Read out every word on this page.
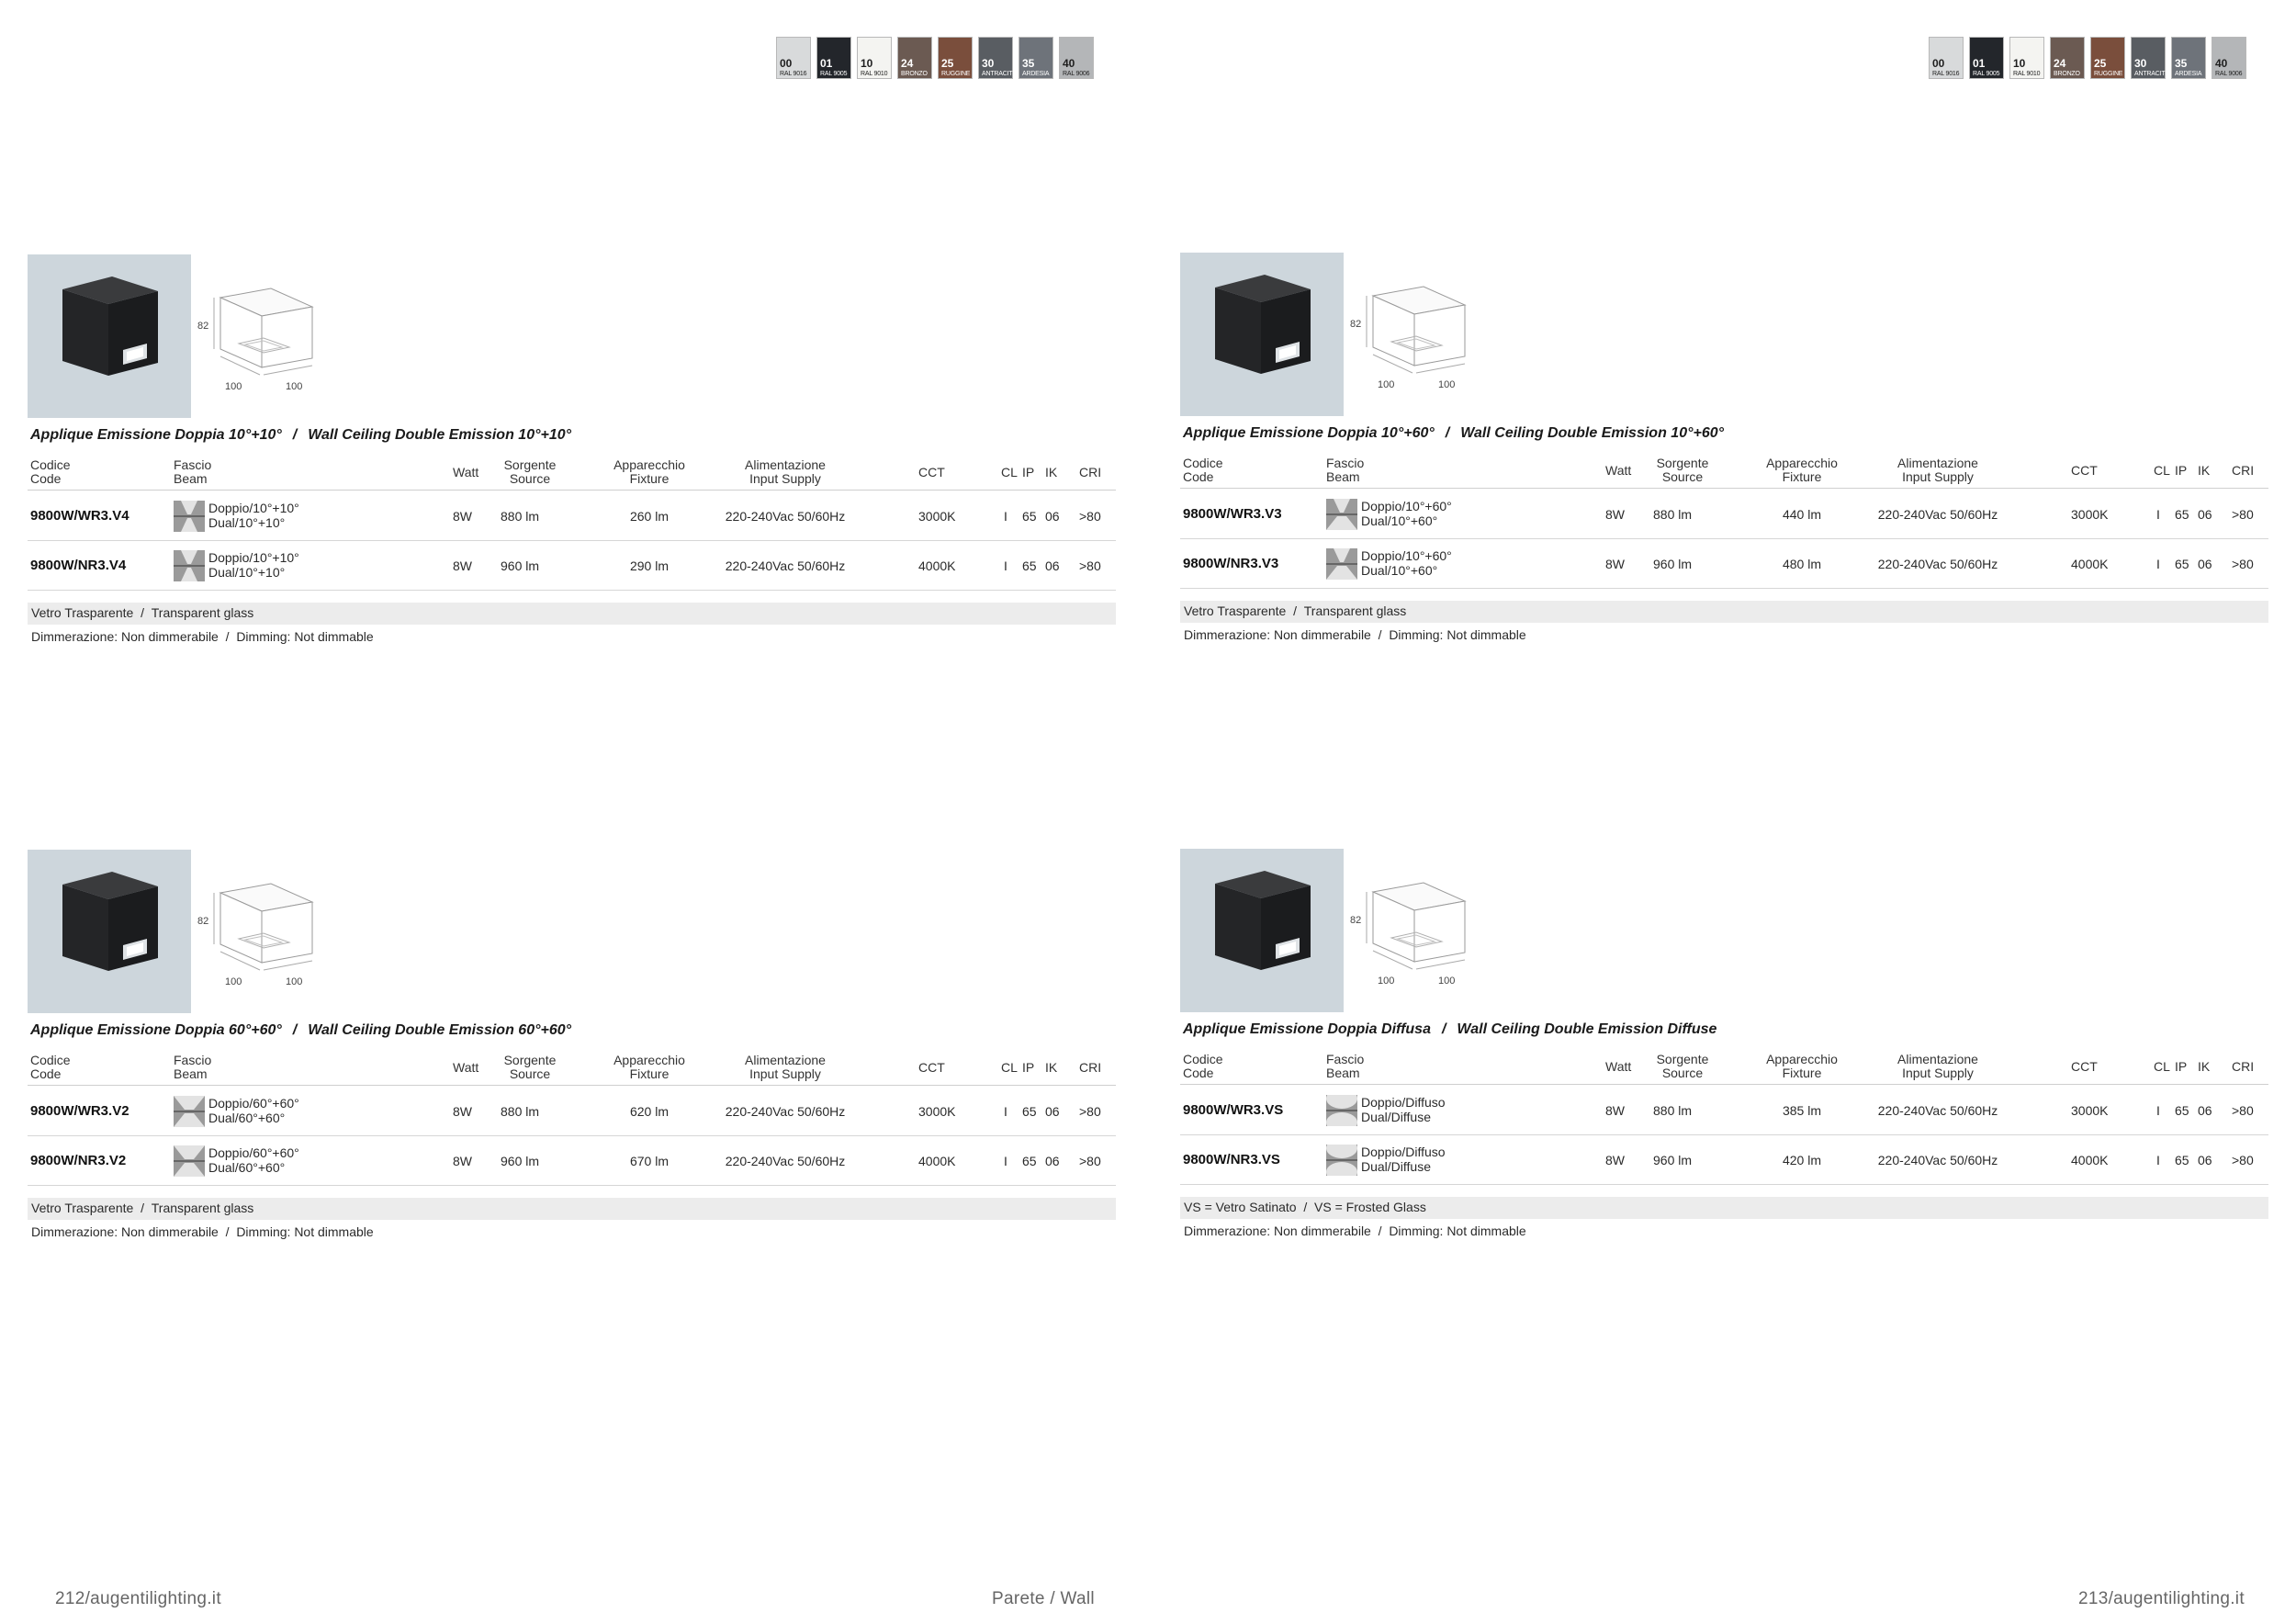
00
RAL 9016
01
RAL 9005
10
RAL 9010
24
BRONZO
25
RUGGINE
30
ANTRACITE
35
ARDESIA
40
RAL 9006
82
100	100
Applique Emissione Doppia 10°+10° / Wall Ceiling Double Emission 10°+10°
Codice
Code
Fascio
Beam	Watt	Sorgente
Source
Apparecchio
Fixture
Alimentazione
Input Supply	CCT	CL IP IK CRI
9800W/WR3.V4	Doppio/10°+10°
Dual/10°+10°	8W 880 lm	260 lm	220-240Vac 50/60Hz	3000K	I 65 06 >80
9800W/NR3.V4	Doppio/10°+10°
Dual/10°+10°	8W 960 lm	290 lm	220-240Vac 50/60Hz	4000K	I 65 06 >80
Vetro Trasparente  /  Transparent glass
Dimmerazione: Non dimmerabile  /  Dimming: Not dimmable
82
100	100
Applique Emissione Doppia 60°+60° / Wall Ceiling Double Emission 60°+60°
Codice
Code
Fascio
Beam	Watt	Sorgente
Source
Apparecchio
Fixture
Alimentazione
Input Supply	CCT	CL IP IK CRI
9800W/WR3.V2	Doppio/60°+60°
Dual/60°+60°	8W 880 lm	620 lm	220-240Vac 50/60Hz	3000K	I 65 06 >80
9800W/NR3.V2	Doppio/60°+60°
Dual/60°+60°	8W 960 lm	670 lm	220-240Vac 50/60Hz	4000K	I 65 06 >80
Vetro Trasparente  /  Transparent glass
Dimmerazione: Non dimmerabile  /  Dimming: Not dimmable
212/augentilighting.it	Parete / Wall
00
RAL 9016
01
RAL 9005
10
RAL 9010
24
BRONZO
25
RUGGINE
30
ANTRACITE
35
ARDESIA
40
RAL 9006
82
100	100
Applique Emissione Doppia 10°+60° / Wall Ceiling Double Emission 10°+60°
Codice
Code
Fascio
Beam	Watt	Sorgente
Source
Apparecchio
Fixture
Alimentazione
Input Supply	CCT	CL IP IK CRI
9800W/WR3.V3	Doppio/10°+60°
Dual/10°+60°	8W 880 lm	440 lm	220-240Vac 50/60Hz	3000K	I 65 06 >80
9800W/NR3.V3	Doppio/10°+60°
Dual/10°+60°	8W 960 lm	480 lm	220-240Vac 50/60Hz	4000K	I 65 06 >80
Vetro Trasparente  /  Transparent glass
Dimmerazione: Non dimmerabile  /  Dimming: Not dimmable
82
100	100
Applique Emissione Doppia Diffusa / Wall Ceiling Double Emission Diffuse
Codice
Code
Fascio
Beam	Watt	Sorgente
Source
Apparecchio
Fixture
Alimentazione
Input Supply	CCT	CL IP IK CRI
9800W/WR3.VS	Doppio/Diffuso
Dual/Diffuse	8W 880 lm	385 lm	220-240Vac 50/60Hz	3000K	I 65 06 >80
9800W/NR3.VS	Doppio/Diffuso
Dual/Diffuse	8W 960 lm	420 lm	220-240Vac 50/60Hz	4000K	I 65 06 >80
VS = Vetro Satinato  /  VS = Frosted Glass
Dimmerazione: Non dimmerabile  /  Dimming: Not dimmable
213/augentilighting.it
